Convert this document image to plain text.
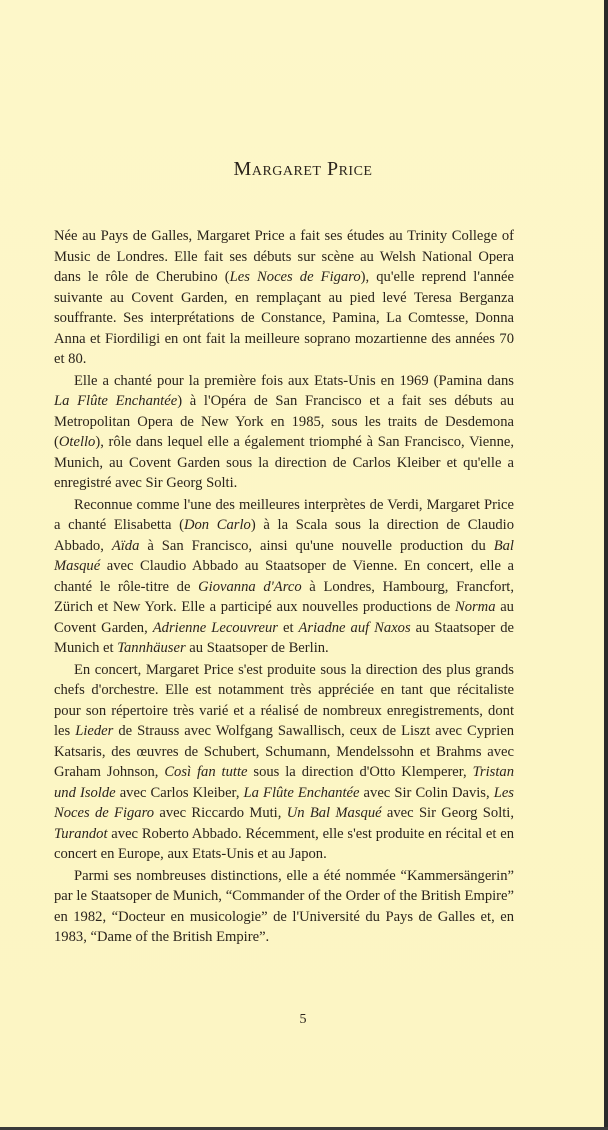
Margaret Price

Née au Pays de Galles, Margaret Price a fait ses études au Trinity College of Music de Londres. Elle fait ses débuts sur scène au Welsh National Opera dans le rôle de Cherubino (Les Noces de Figaro), qu'elle reprend l'année suivante au Covent Garden, en remplaçant au pied levé Teresa Berganza souffrante. Ses interprétations de Constance, Pamina, La Comtesse, Donna Anna et Fiordiligi en ont fait la meilleure soprano mozartienne des années 70 et 80.

Elle a chanté pour la première fois aux Etats-Unis en 1969 (Pamina dans La Flûte Enchantée) à l'Opéra de San Francisco et a fait ses débuts au Metropolitan Opera de New York en 1985, sous les traits de Desdemona (Otello), rôle dans lequel elle a également triomphé à San Francisco, Vienne, Munich, au Covent Garden sous la direction de Carlos Kleiber et qu'elle a enregistré avec Sir Georg Solti.

Reconnue comme l'une des meilleures interprètes de Verdi, Margaret Price a chanté Elisabetta (Don Carlo) à la Scala sous la direction de Claudio Abbado, Aïda à San Francisco, ainsi qu'une nouvelle production du Bal Masqué avec Claudio Abbado au Staatsoper de Vienne. En concert, elle a chanté le rôle-titre de Giovanna d'Arco à Londres, Hambourg, Francfort, Zürich et New York. Elle a participé aux nouvelles productions de Norma au Covent Garden, Adrienne Lecouvreur et Ariadne auf Naxos au Staatsoper de Munich et Tannhäuser au Staatsoper de Berlin.

En concert, Margaret Price s'est produite sous la direction des plus grands chefs d'orchestre. Elle est notamment très appréciée en tant que récitaliste pour son répertoire très varié et a réalisé de nombreux enregistrements, dont les Lieder de Strauss avec Wolfgang Sawallisch, ceux de Liszt avec Cyprien Katsaris, des œuvres de Schubert, Schumann, Mendelssohn et Brahms avec Graham Johnson, Così fan tutte sous la direction d'Otto Klemperer, Tristan und Isolde avec Carlos Kleiber, La Flûte Enchantée avec Sir Colin Davis, Les Noces de Figaro avec Riccardo Muti, Un Bal Masqué avec Sir Georg Solti, Turandot avec Roberto Abbado. Récemment, elle s'est produite en récital et en concert en Europe, aux Etats-Unis et au Japon.

Parmi ses nombreuses distinctions, elle a été nommée “Kammersängerin” par le Staatsoper de Munich, “Commander of the Order of the British Empire” en 1982, “Docteur en musicologie” de l'Université du Pays de Galles et, en 1983, “Dame of the British Empire”.

5
